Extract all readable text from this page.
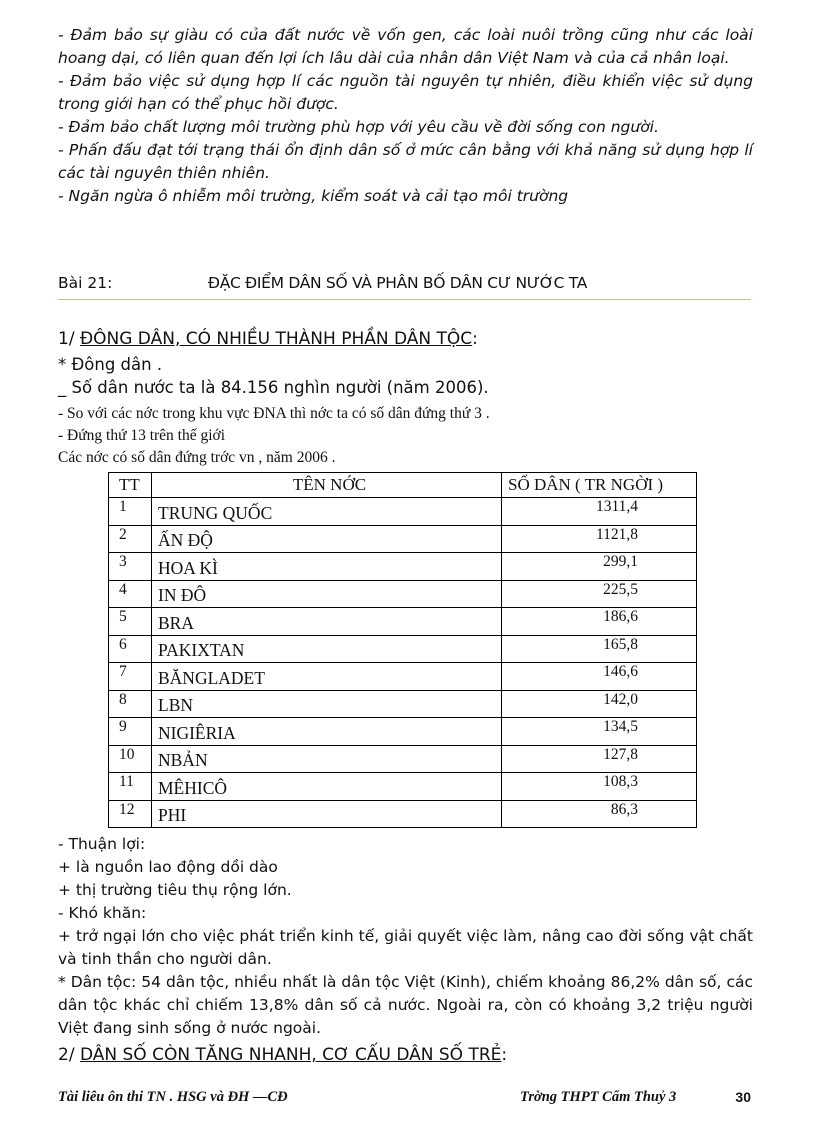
- Đảm bảo sự giàu có của đất nước về vốn gen, các loài nuôi trồng cũng như các loài hoang dại, có liên quan đến lợi ích lâu dài của nhân dân Việt Nam và của cả nhân loại.

- Đảm bảo việc sử dụng hợp lí các nguồn tài nguyên tự nhiên, điều khiển việc sử dụng trong giới hạn có thể phục hồi được.

- Đảm bảo chất lượng môi trường phù hợp với yêu cầu về đời sống con người.

- Phấn đấu đạt tới trạng thái ổn định dân số ở mức cân bằng với khả năng sử dụng hợp lí các tài nguyên thiên nhiên.

- Ngăn ngừa ô nhiễm môi trường, kiểm soát và cải tạo môi trường

Bài 21:	ĐẶC ĐIỂM DÂN SỐ VÀ PHÂN BỐ DÂN CƯ NƯỚC TA
1/ ĐÔNG DÂN, CÓ NHIỀU THÀNH PHẦN DÂN TỘC:
* Đông dân .
_ Số dân nước ta là 84.156 nghìn người (năm 2006).
- So với các nớc trong khu vực ĐNA thì nớc ta có số dân đứng thứ 3 .
- Đứng thứ 13 trên thế giới
Các nớc có số dân đứng trớc vn , năm 2006 .
TT	TÊN NỚC	SỐ DÂN ( TR NGỜI )
1	TRUNG QUỐC	1311,4
2	ẤN ĐỘ	1121,8
3	HOA KÌ	299,1
4	IN ĐÔ	225,5
5	BRA	186,6
6	PAKIXTAN	165,8
7	BĂNGLADET	146,6
8	LBN	142,0
9	NIGIÊRIA	134,5
10	NBẢN	127,8
11	MÊHICÔ	108,3
12	PHI	86,3

- Thuận lợi:

+ là nguồn lao động dồi dào

+ thị trường tiêu thụ rộng lớn.

- Khó khăn:

+ trở ngại lớn cho việc phát triển kinh tế, giải quyết việc làm, nâng cao đời sống vật chất và tinh thần cho người dân.

* Dân tộc: 54 dân tộc, nhiều nhất là dân tộc Việt (Kinh), chiếm khoảng 86,2% dân số, các dân tộc khác chỉ chiếm 13,8% dân số cả nước. Ngoài ra, còn có khoảng 3,2 triệu người Việt đang sinh sống ở nước ngoài.

2/ DÂN SỐ CÒN TĂNG NHANH, CƠ CẤU DÂN SỐ TRẺ:
Tài liêu ôn thi TN . HSG và ĐH —CĐ	Trờng THPT Cẩm Thuỷ 3	30
